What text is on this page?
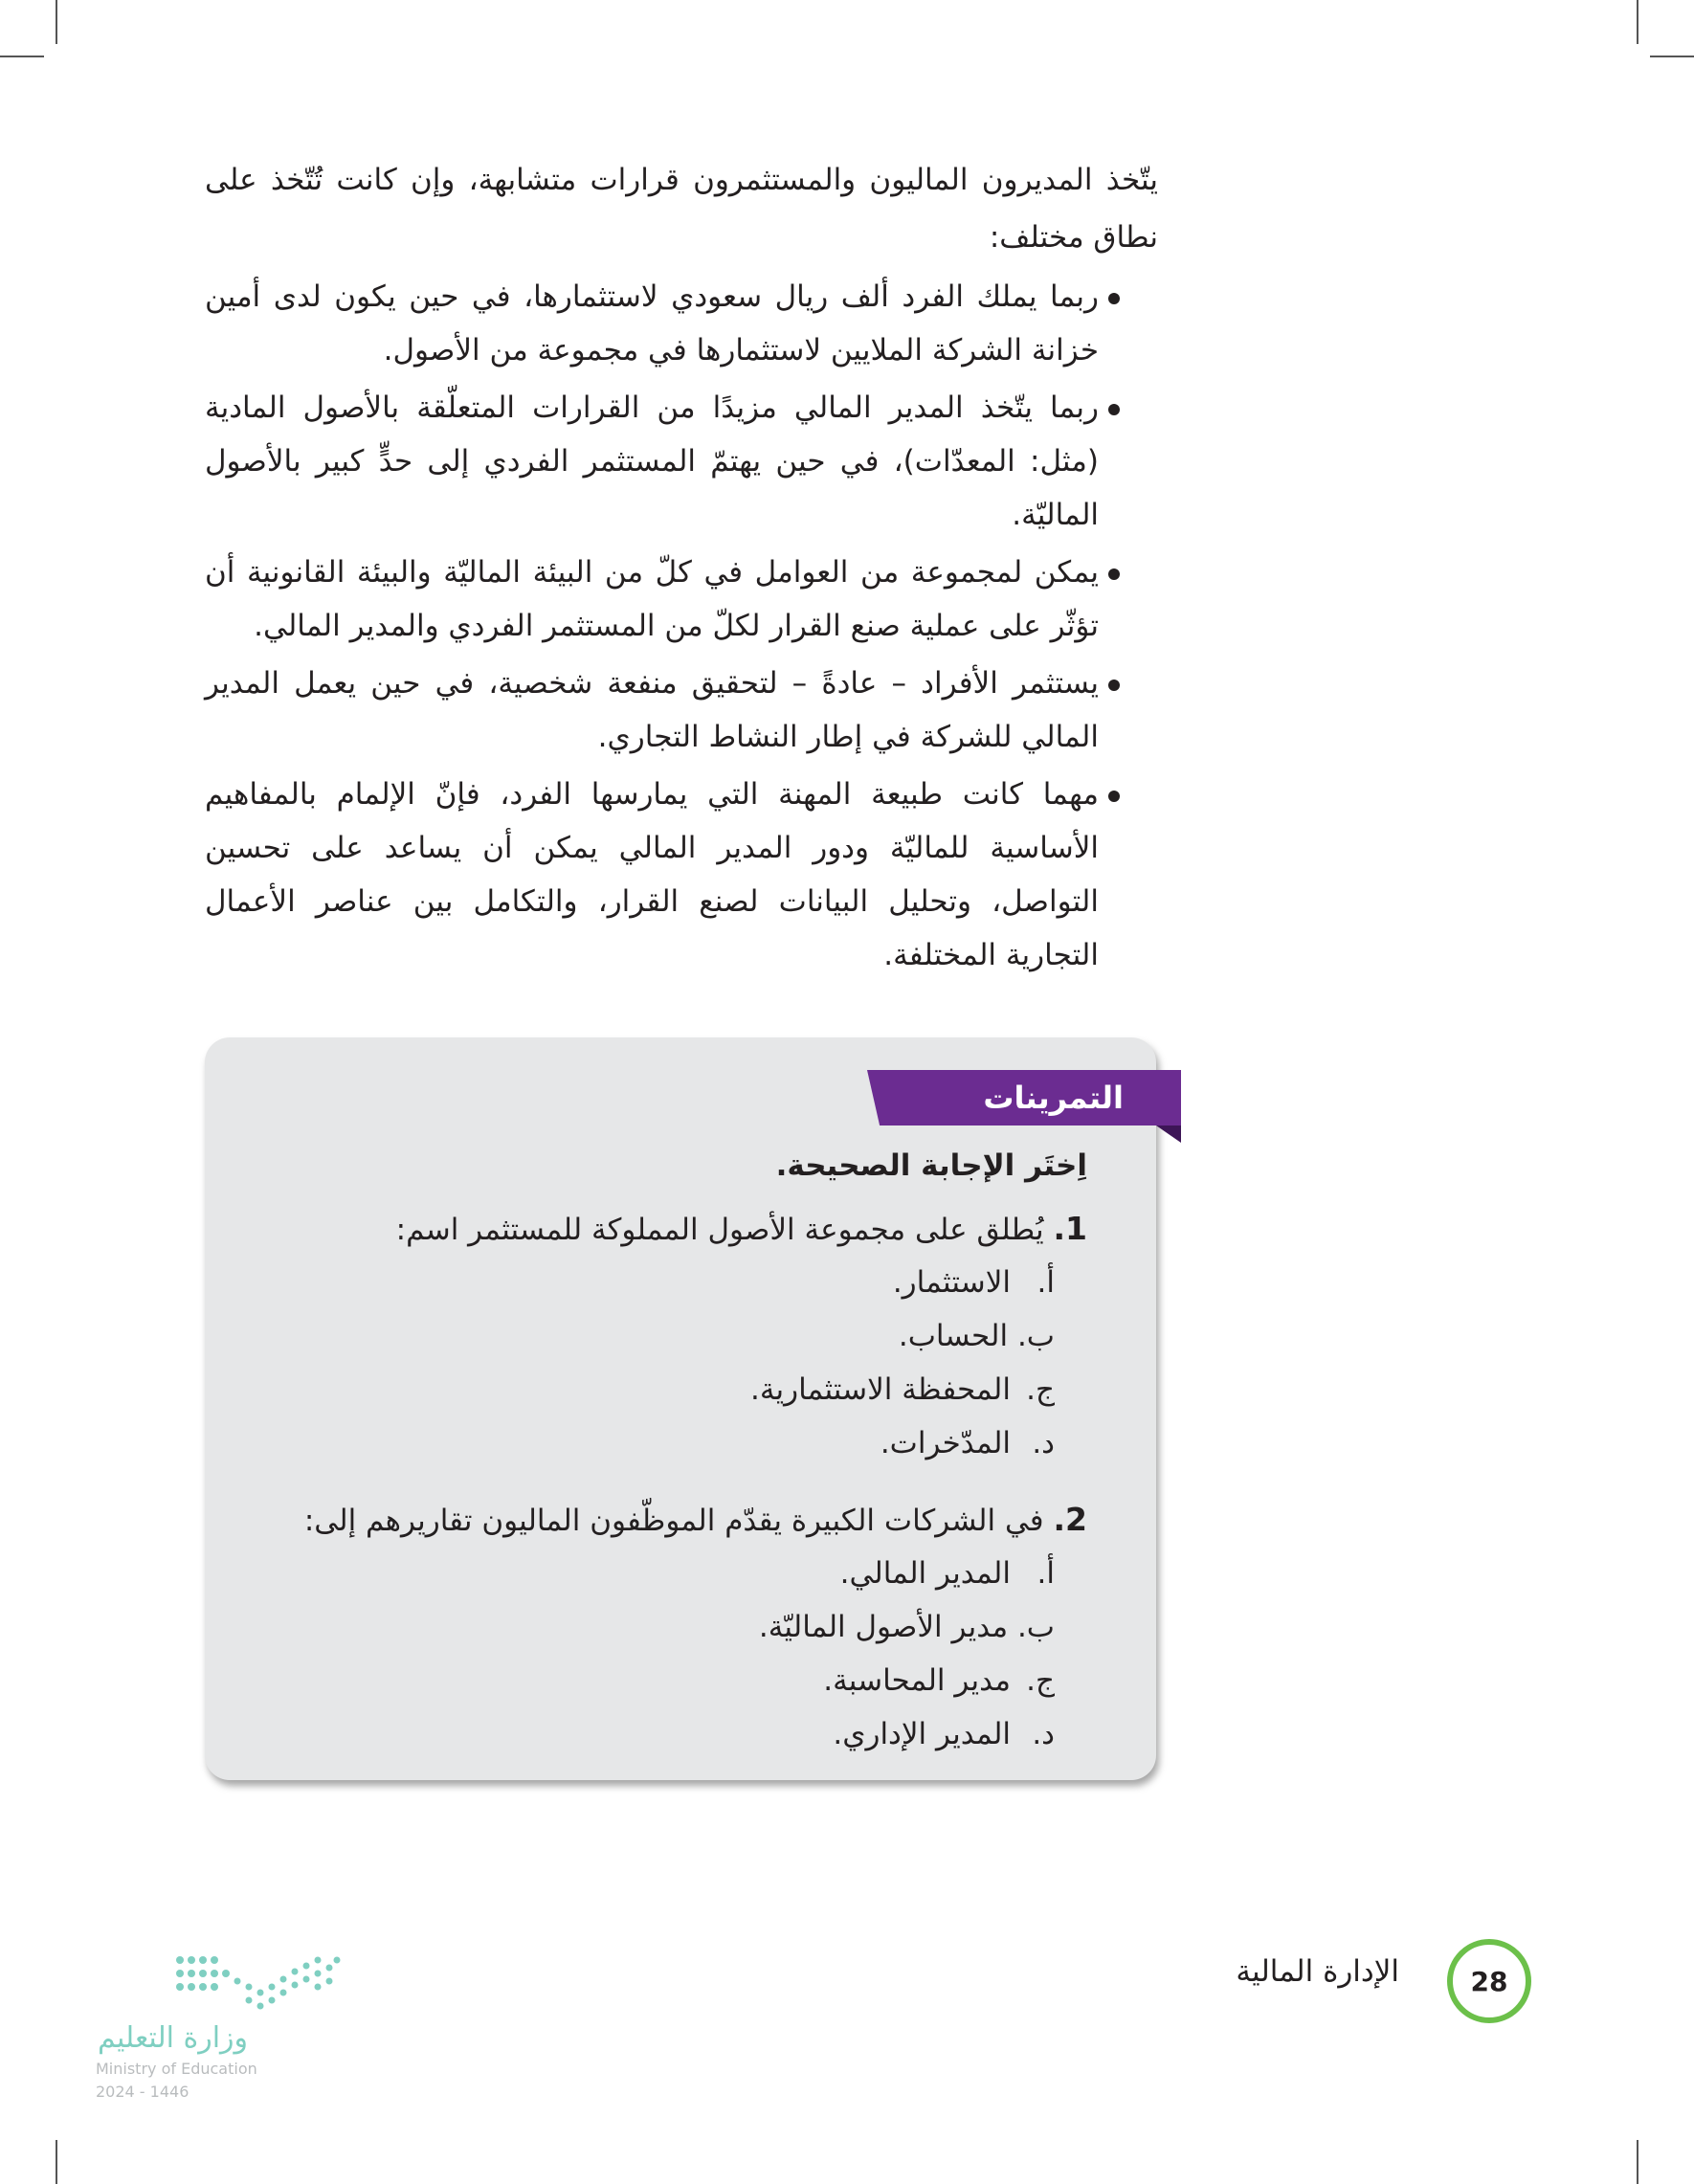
يتّخذ المديرون الماليون والمستثمرون قرارات متشابهة، وإن كانت تُتّخذ على نطاق مختلف:

ربما يملك الفرد ألف ريال سعودي لاستثمارها، في حين يكون لدى أمين خزانة الشركة الملايين لاستثمارها في مجموعة من الأصول.
ربما يتّخذ المدير المالي مزيدًا من القرارات المتعلّقة بالأصول المادية (مثل: المعدّات)، في حين يهتمّ المستثمر الفردي إلى حدٍّ كبير بالأصول الماليّة.
يمكن لمجموعة من العوامل في كلّ من البيئة الماليّة والبيئة القانونية أن تؤثّر على عملية صنع القرار لكلّ من المستثمر الفردي والمدير المالي.
يستثمر الأفراد – عادةً – لتحقيق منفعة شخصية، في حين يعمل المدير المالي للشركة في إطار النشاط التجاري.
مهما كانت طبيعة المهنة التي يمارسها الفرد، فإنّ الإلمام بالمفاهيم الأساسية للماليّة ودور المدير المالي يمكن أن يساعد على تحسين التواصل، وتحليل البيانات لصنع القرار، والتكامل بين عناصر الأعمال التجارية المختلفة.
التمرينات
اِختَر الإجابة الصحيحة.
1. يُطلق على مجموعة الأصول المملوكة للمستثمر اسم:
أ.الاستثمار.
ب. الحساب.
ج.المحفظة الاستثمارية.
د.المدّخرات.
2. في الشركات الكبيرة يقدّم الموظّفون الماليون تقاريرهم إلى:
أ.المدير المالي.
ب. مدير الأصول الماليّة.
ج.مدير المحاسبة.
د.المدير الإداري.
28
الإدارة المالية
وزارة التعليم
Ministry of Education
2024 - 1446
